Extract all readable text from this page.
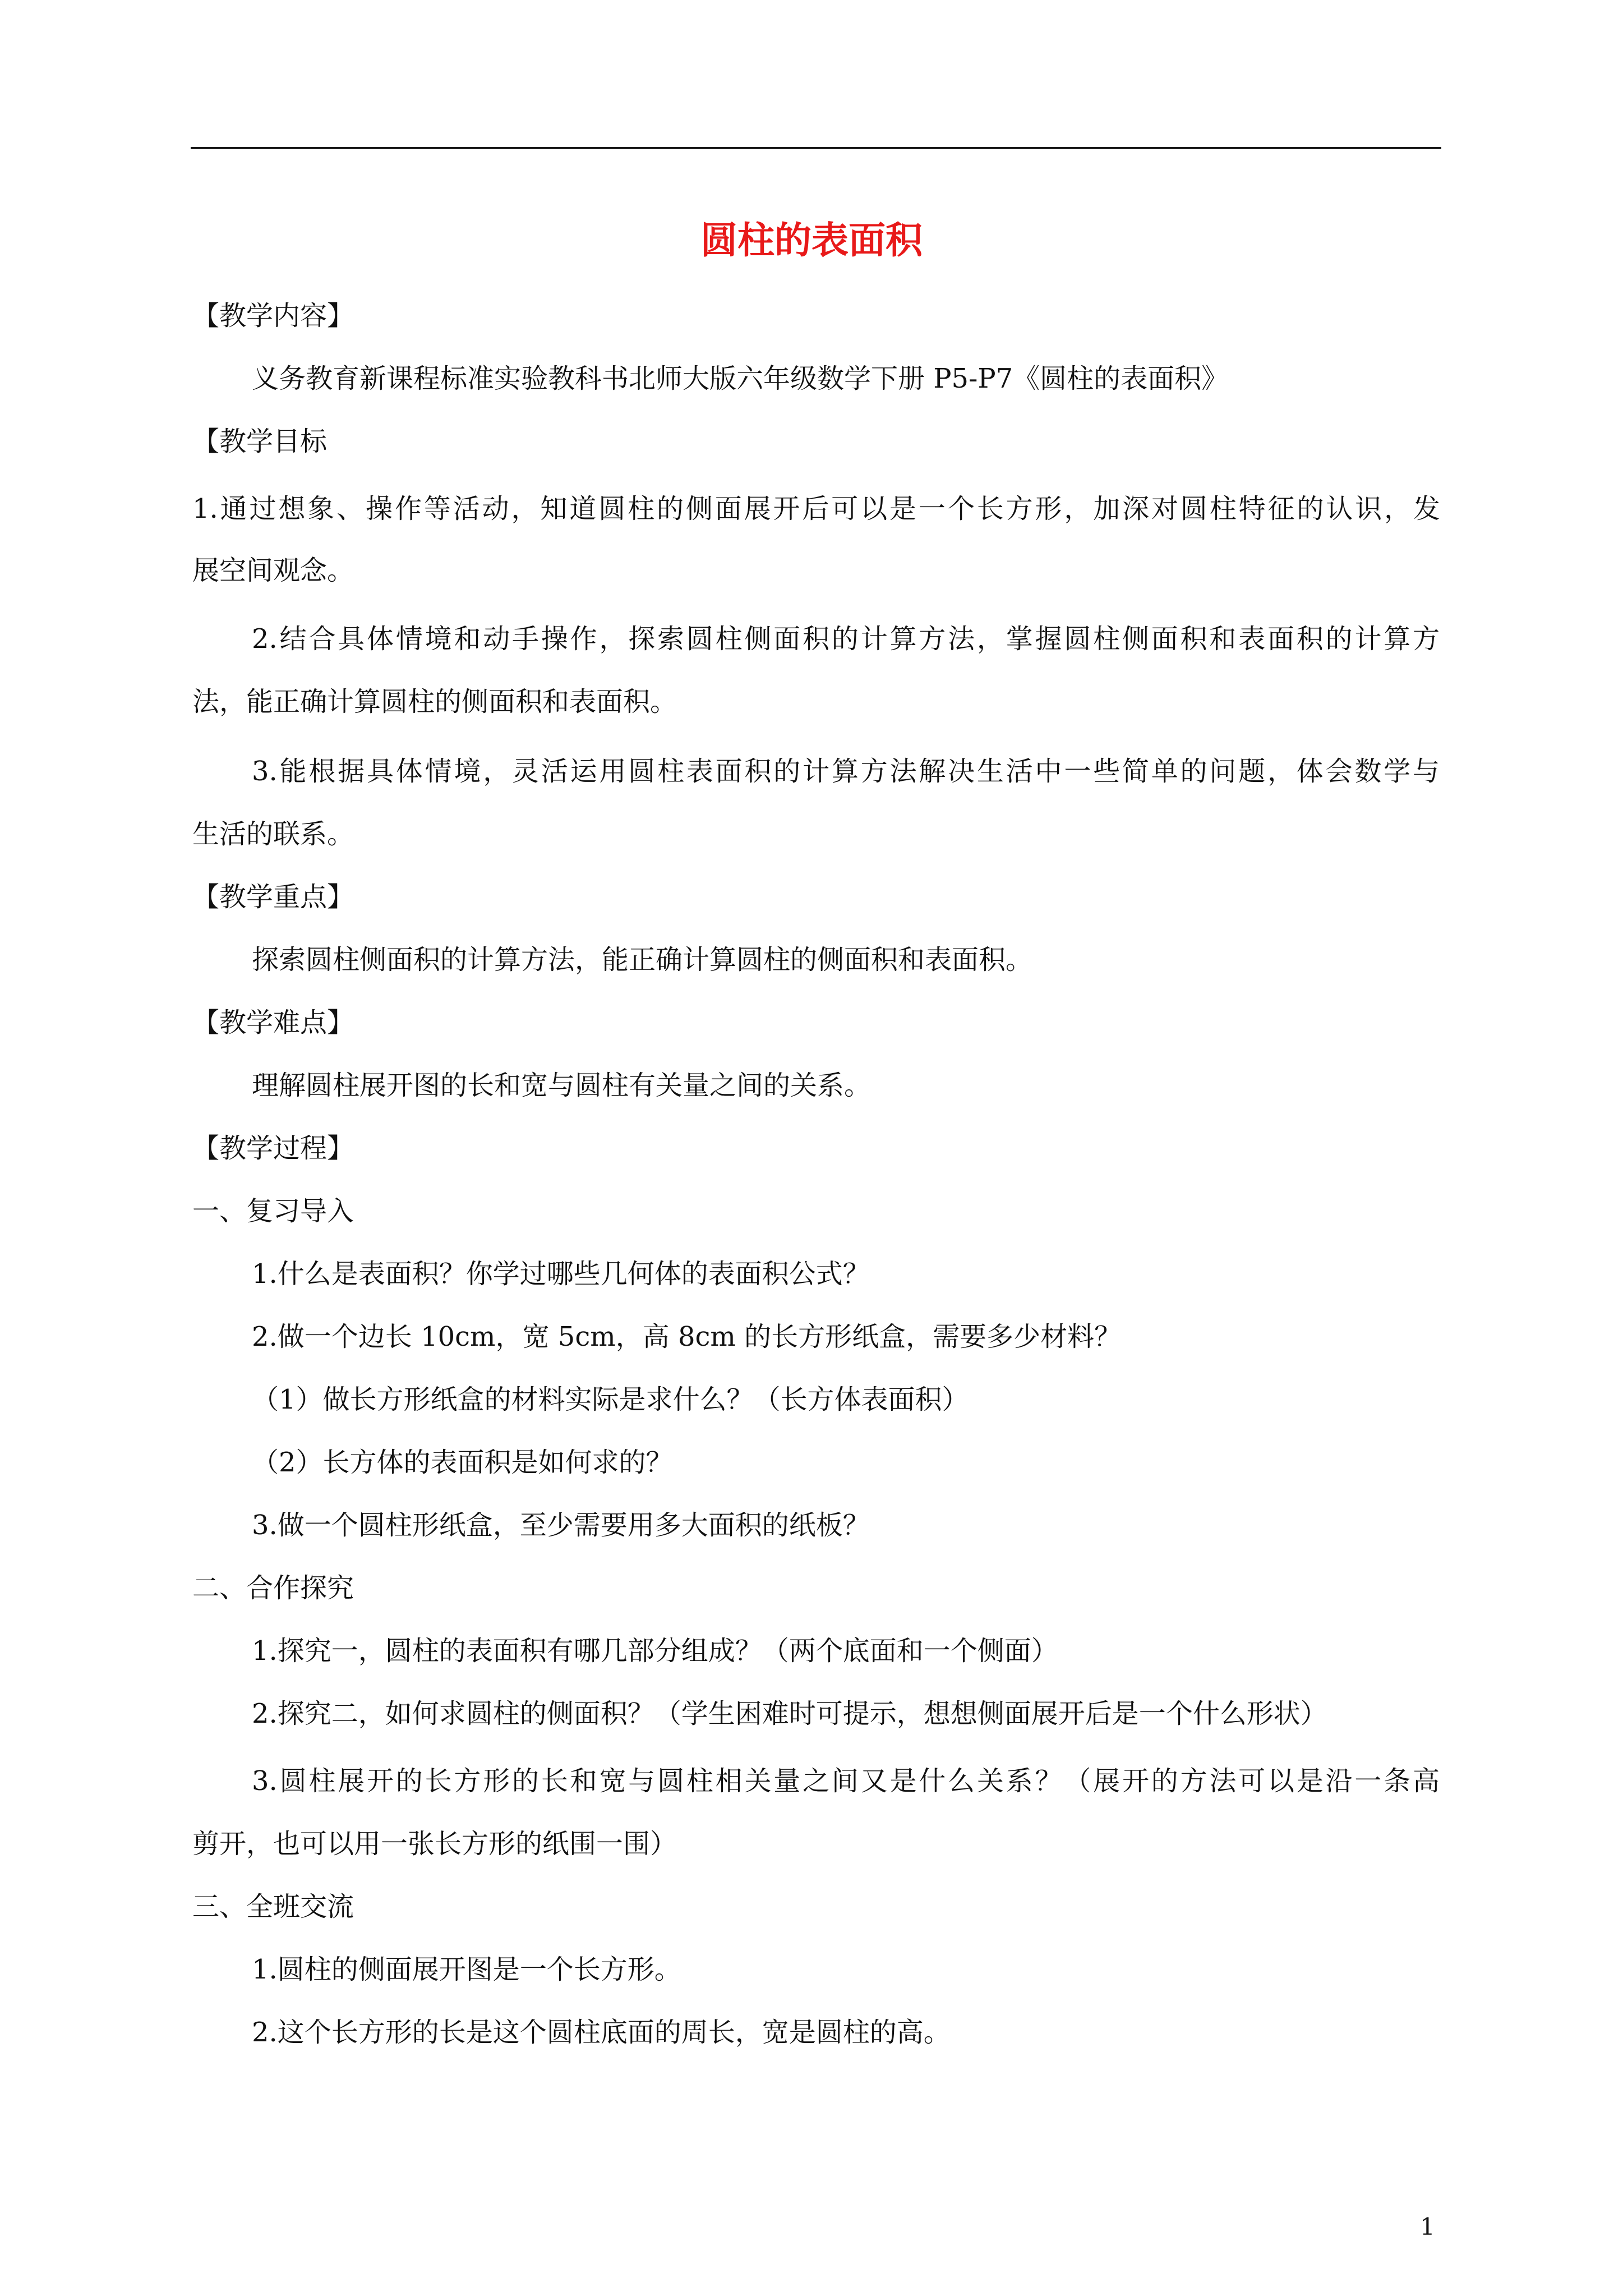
圆柱的表面积
【教学内容】
义务教育新课程标准实验教科书北师大版六年级数学下册 P5-P7《圆柱的表面积》
【教学目标
1.通过想象、操作等活动，知道圆柱的侧面展开后可以是一个长方形，加深对圆柱特征的认识，发
展空间观念。
2.结合具体情境和动手操作，探索圆柱侧面积的计算方法，掌握圆柱侧面积和表面积的计算方
法，能正确计算圆柱的侧面积和表面积。
3.能根据具体情境，灵活运用圆柱表面积的计算方法解决生活中一些简单的问题，体会数学与
生活的联系。
【教学重点】
探索圆柱侧面积的计算方法，能正确计算圆柱的侧面积和表面积。
【教学难点】
理解圆柱展开图的长和宽与圆柱有关量之间的关系。
【教学过程】
一、复习导入
1.什么是表面积？你学过哪些几何体的表面积公式？
2.做一个边长 10cm，宽 5cm，高 8cm 的长方形纸盒，需要多少材料？
（1）做长方形纸盒的材料实际是求什么？（长方体表面积）
（2）长方体的表面积是如何求的？
3.做一个圆柱形纸盒，至少需要用多大面积的纸板？
二、合作探究
1.探究一，圆柱的表面积有哪几部分组成？（两个底面和一个侧面）
2.探究二，如何求圆柱的侧面积？（学生困难时可提示，想想侧面展开后是一个什么形状）
3.圆柱展开的长方形的长和宽与圆柱相关量之间又是什么关系？（展开的方法可以是沿一条高
剪开，也可以用一张长方形的纸围一围）
三、全班交流
1.圆柱的侧面展开图是一个长方形。
2.这个长方形的长是这个圆柱底面的周长，宽是圆柱的高。
1
